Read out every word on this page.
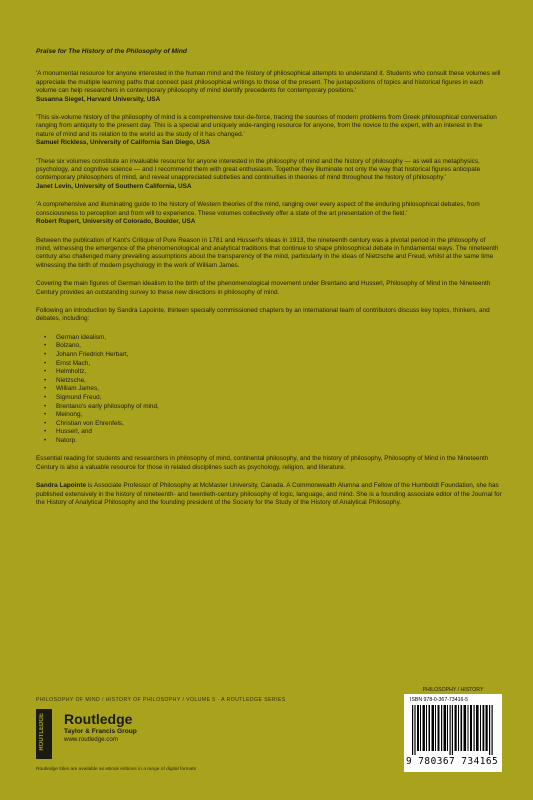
Praise for The History of the Philosophy of Mind
'A monumental resource for anyone interested in the human mind and the history of philosophical attempts to understand it. Students who consult these volumes will appreciate the multiple learning paths that connect past philosophical writings to those of the present. The juxtapositions of topics and historical figures in each volume can help researchers in contemporary philosophy of mind identify precedents for contemporary positions.'
Susanna Siegel, Harvard University, USA
'This six-volume history of the philosophy of mind is a comprehensive tour-de-force, tracing the sources of modern problems from Greek philosophical conversation ranging from antiquity to the present day. This is a special and uniquely wide-ranging resource for anyone, from the novice to the expert, with an interest in the nature of mind and its relation to the world as the study of it has changed.'
Samuel Rickless, University of California San Diego, USA
'These six volumes constitute an invaluable resource for anyone interested in the philosophy of mind and the history of philosophy — as well as metaphysics, psychology, and cognitive science — and I recommend them with great enthusiasm. Together they illuminate not only the way that historical figures anticipate contemporary philosophers of mind, and reveal unappreciated subtleties and continuities in theories of mind throughout the history of philosophy.'
Janet Levin, University of Southern California, USA
'A comprehensive and illuminating guide to the history of Western theories of the mind, ranging over every aspect of the enduring philosophical debates, from consciousness to perception and from will to experience. These volumes collectively offer a state of the art presentation of the field.'
Robert Rupert, University of Colorado, Boulder, USA
Between the publication of Kant's Critique of Pure Reason in 1781 and Husserl's Ideas in 1913, the nineteenth century was a pivotal period in the philosophy of mind, witnessing the emergence of the phenomenological and analytical traditions that continue to shape philosophical debate in fundamental ways. The nineteenth century also challenged many prevailing assumptions about the transparency of the mind, particularly in the ideas of Nietzsche and Freud, whilst at the same time witnessing the birth of modern psychology in the work of William James.
Covering the main figures of German idealism to the birth of the phenomenological movement under Brentano and Husserl, Philosophy of Mind in the Nineteenth Century provides an outstanding survey to these new directions in philosophy of mind.
Following an introduction by Sandra Lapointe, thirteen specially commissioned chapters by an international team of contributors discuss key topics, thinkers, and debates, including:
• German idealism,
• Bolzano,
• Johann Friedrich Herbart,
• Ernst Mach,
• Helmholtz,
• Nietzsche,
• William James,
• Sigmund Freud,
• Brentano's early philosophy of mind,
• Meinong,
• Christian von Ehrenfels,
• Husserl, and
• Natorp.
Essential reading for students and researchers in philosophy of mind, continental philosophy, and the history of philosophy, Philosophy of Mind in the Nineteenth Century is also a valuable resource for those in related disciplines such as psychology, religion, and literature.
Sandra Lapointe is Associate Professor of Philosophy at McMaster University, Canada. A Commonwealth Alumna and Fellow of the Humboldt Foundation, she has published extensively in the history of nineteenth- and twentieth-century philosophy of logic, language, and mind. She is a founding associate editor of the Journal for the History of Analytical Philosophy and the founding president of the Society for the Study of the History of Analytical Philosophy.
PHILOSOPHY OF MIND / HISTORY OF PHILOSOPHY / VOLUME 5 · A ROUTLEDGE SERIES
ROUTLEDGE Routledge
Taylor & Francis Group
www.routledge.com
Routledge titles are available as eBook editions in a range of digital formats
PHILOSOPHY / HISTORY
ISBN 978-0-367-73416-5
9 780367 734165
